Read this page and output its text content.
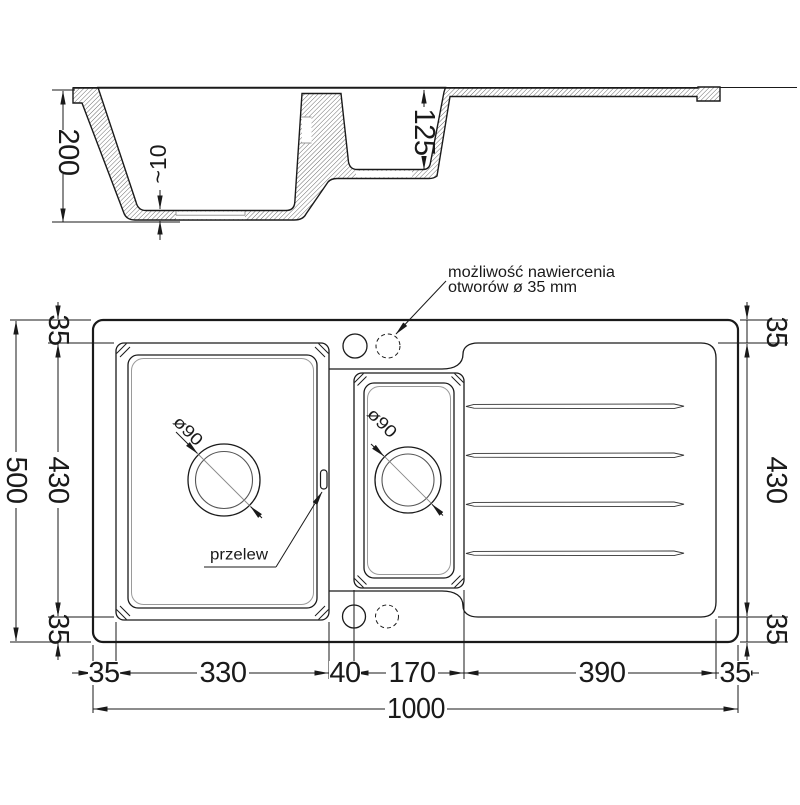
200	~10
125
ø90	ø90
przelew
możliwość nawiercenia
otworów ø 35 mm
500
35
430
35
35
430
35
35	330	40 170	390	35
1000
